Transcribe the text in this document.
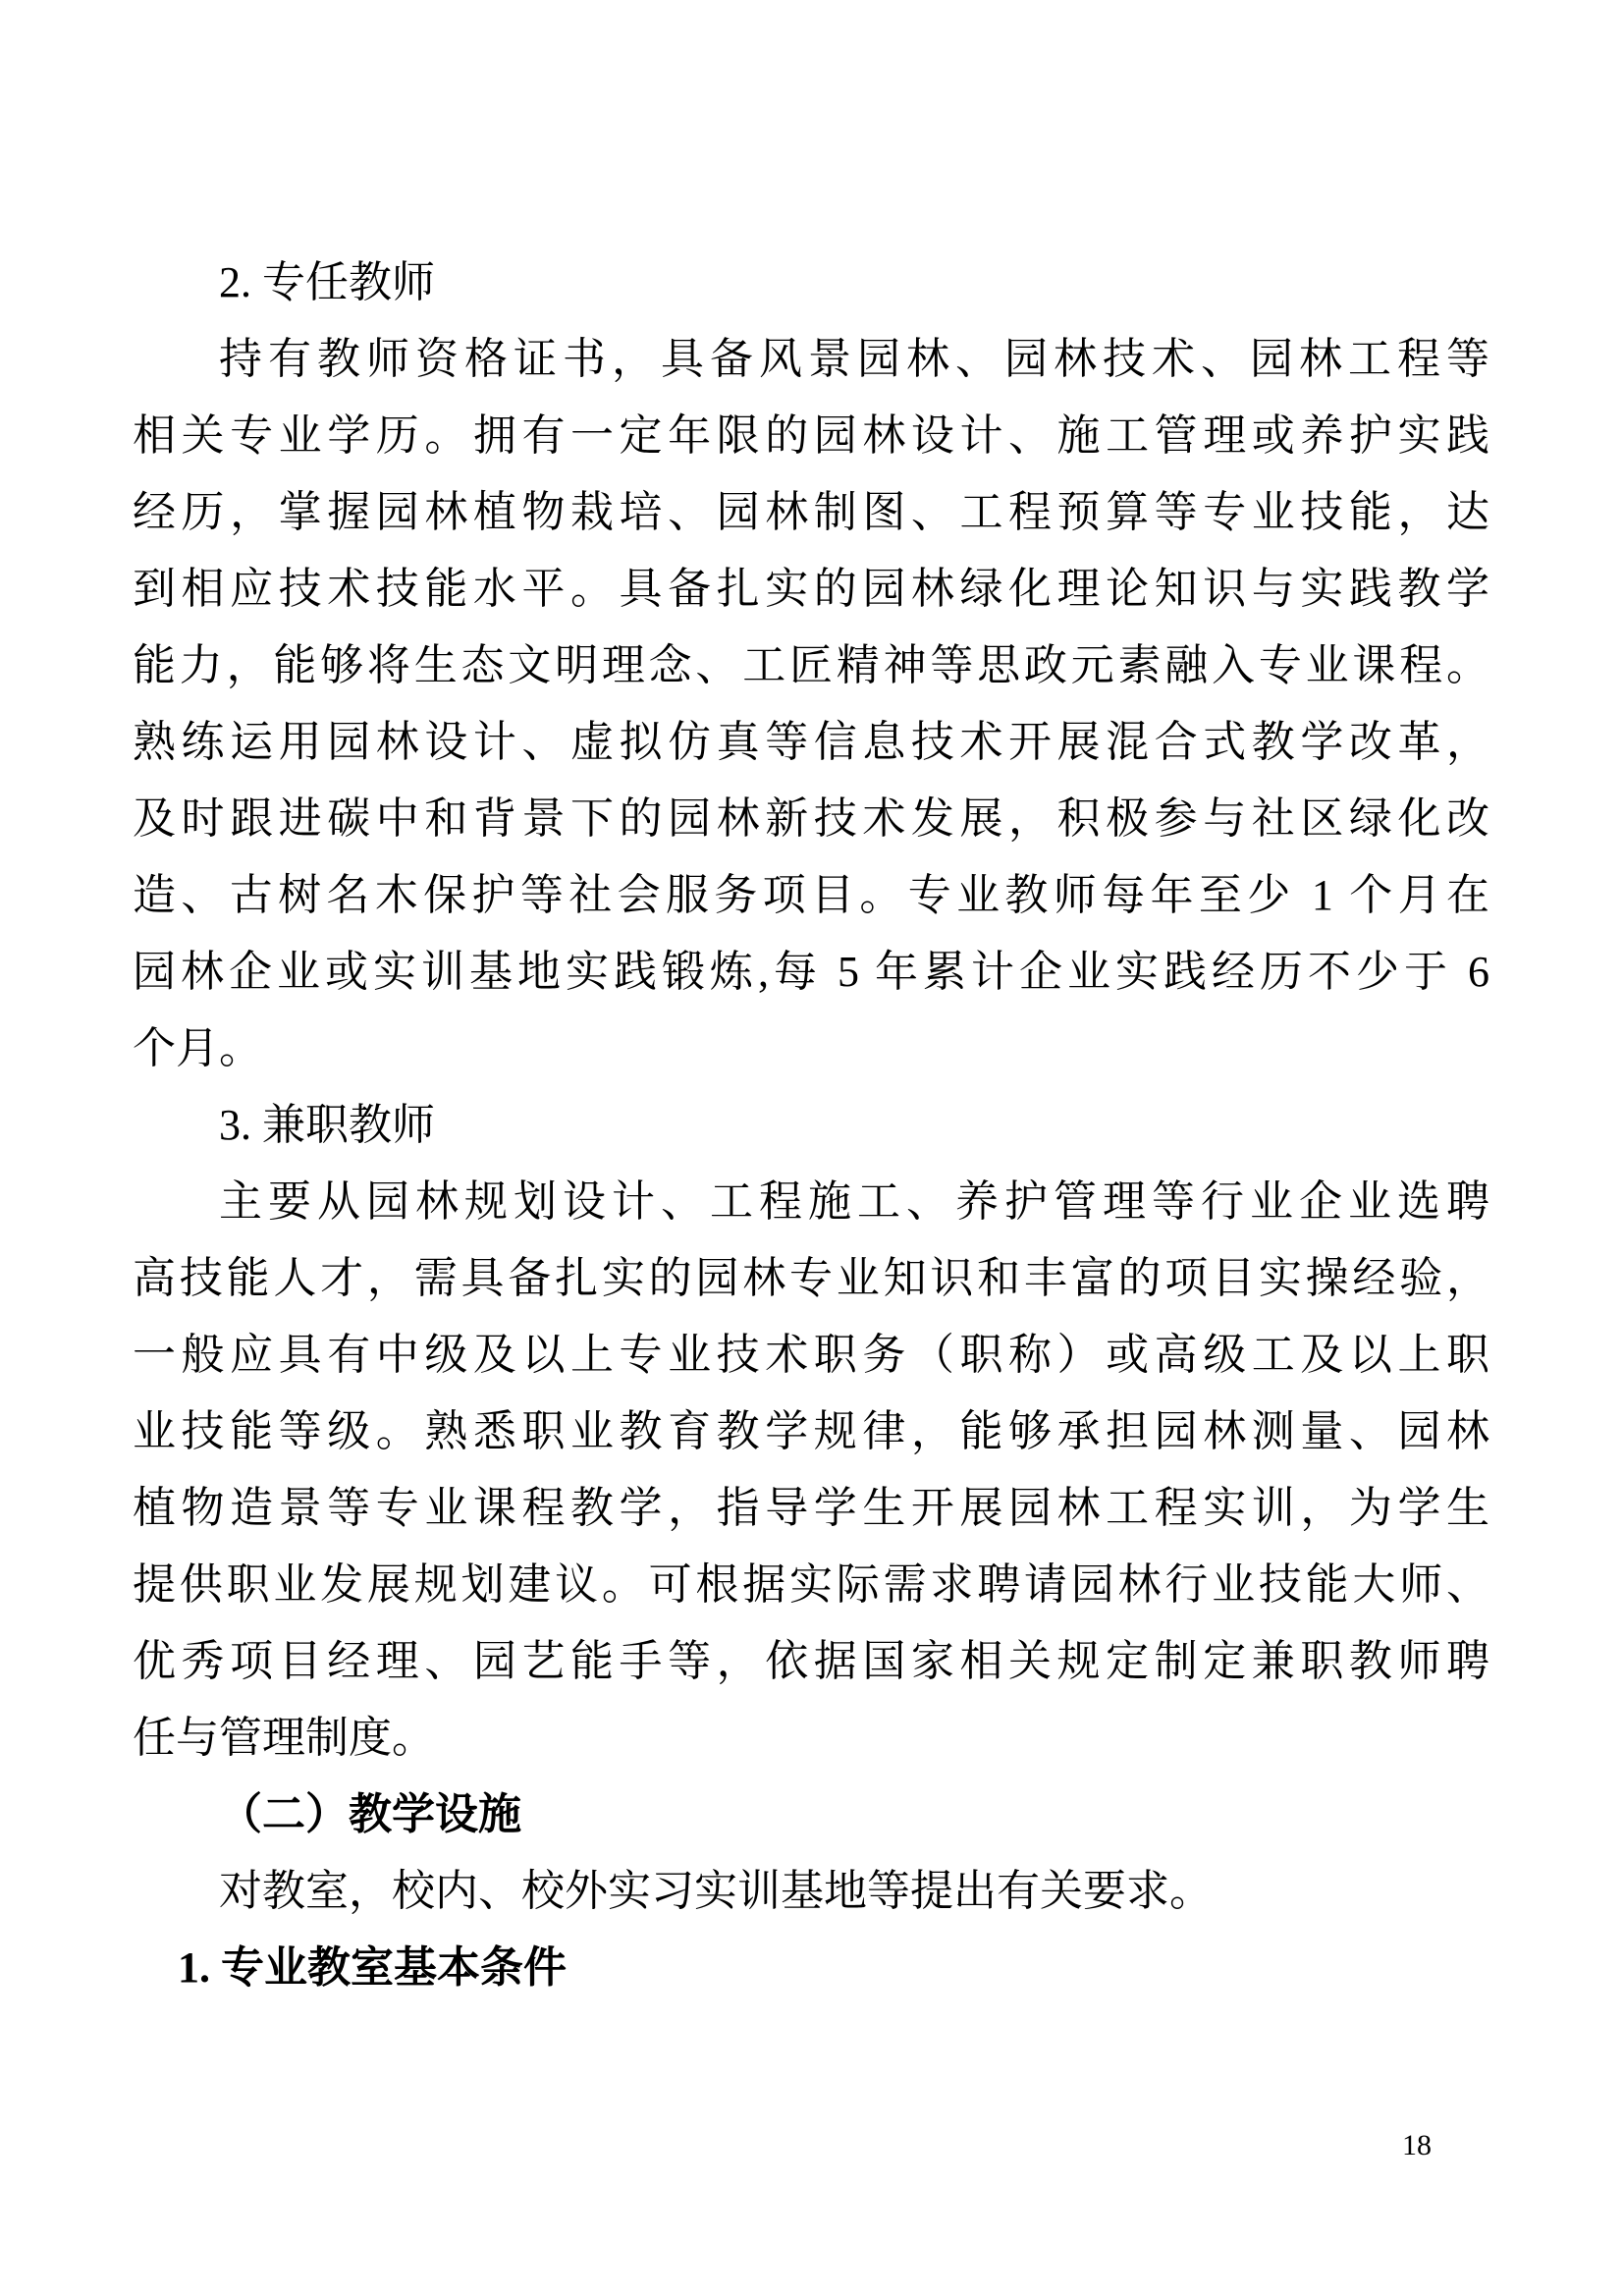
2. 专任教师

持有教师资格证书，具备风景园林、园林技术、园林工程等

相关专业学历。拥有一定年限的园林设计、施工管理或养护实践

经历，掌握园林植物栽培、园林制图、工程预算等专业技能，达

到相应技术技能水平。具备扎实的园林绿化理论知识与实践教学

能力，能够将生态文明理念、工匠精神等思政元素融入专业课程。

熟练运用园林设计、虚拟仿真等信息技术开展混合式教学改革，

及时跟进碳中和背景下的园林新技术发展，积极参与社区绿化改

造、古树名木保护等社会服务项目。专业教师每年至少 1 个月在

园林企业或实训基地实践锻炼,每 5 年累计企业实践经历不少于 6

个月。

3. 兼职教师

主要从园林规划设计、工程施工、养护管理等行业企业选聘

高技能人才，需具备扎实的园林专业知识和丰富的项目实操经验，

一般应具有中级及以上专业技术职务（职称）或高级工及以上职

业技能等级。熟悉职业教育教学规律，能够承担园林测量、园林

植物造景等专业课程教学，指导学生开展园林工程实训，为学生

提供职业发展规划建议。可根据实际需求聘请园林行业技能大师、

优秀项目经理、园艺能手等，依据国家相关规定制定兼职教师聘

任与管理制度。

（二）教学设施

对教室，校内、校外实习实训基地等提出有关要求。

1. 专业教室基本条件

18
